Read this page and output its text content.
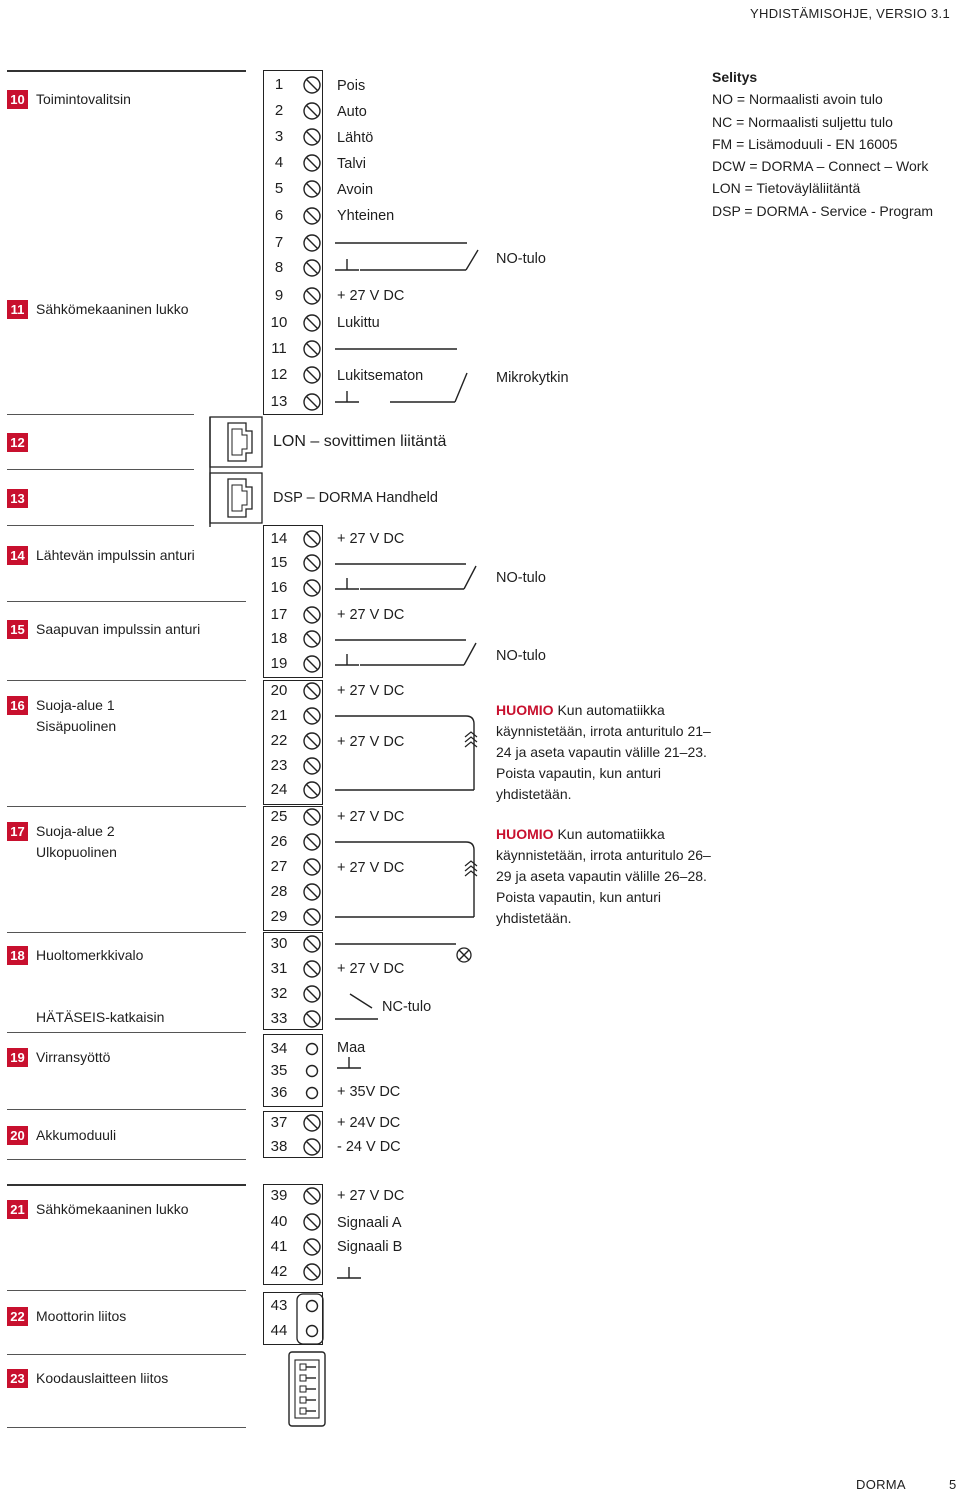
YHDISTÄMISOHJE, VERSIO 3.1
DORMA	5
10 Toimintovalitsin
11 Sähkömekaaninen lukko
12
13
14 Lähtevän impulssin anturi
15 Saapuvan impulssin anturi
16 Suoja-alue 1
Sisäpuolinen
17 Suoja-alue 2
Ulkopuolinen
18 Huoltomerkkivalo
HÄTÄSEIS-katkaisin
19 Virransyöttö
20 Akkumoduuli
21 Sähkömekaaninen lukko
22 Moottorin liitos
23 Koodauslaitteen liitos
1
2
3
4
5
6
7
8
9
10
11
12
13
14
15
16
17
18
19
20
21
22
23
24
25
26
27
28
29
30
31
32
33
34
35
36
37
38
39
40
41
42
43
44
Pois
Auto
Lähtö
Talvi
Avoin
Yhteinen
NO-tulo
+ 27 V DC
Lukittu
Lukitsematon	Mikrokytkin
LON – sovittimen liitäntä
DSP – DORMA Handheld
+ 27 V DC
NO-tulo
+ 27 V DC
NO-tulo
+ 27 V DC
+ 27 V DC
+ 27 V DC
+ 27 V DC
+ 27 V DC
NC-tulo
Maa
+ 35V DC
+ 24V DC
- 24 V DC
+ 27 V DC
Signaali A
Signaali B
Selitys
NO = Normaalisti avoin tulo
NC = Normaalisti suljettu tulo
FM = Lisämoduuli - EN 16005
DCW = DORMA – Connect – Work
LON = Tietoväyläliitäntä
DSP = DORMA - Service - Program
HUOMIO Kun automatiikka käynnistetään, irrota anturitulo 21–24 ja aseta vapautin välille 21–23. Poista vapautin, kun anturi yhdistetään.
HUOMIO Kun automatiikka käynnistetään, irrota anturitulo 26–29 ja aseta vapautin välille 26–28. Poista vapautin, kun anturi yhdistetään.
